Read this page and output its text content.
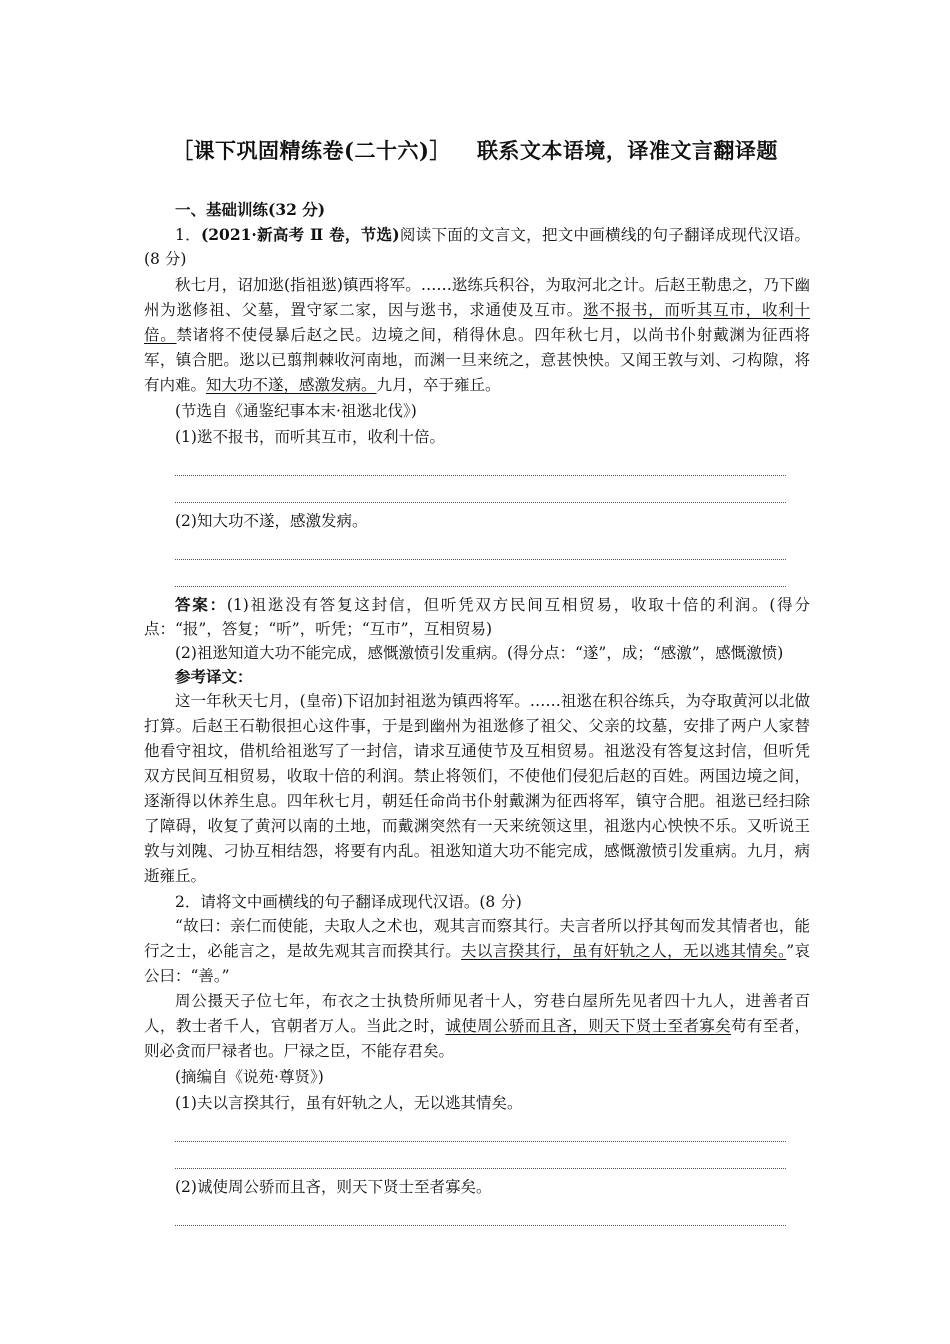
［课下巩固精练卷(二十六)］ 联系文本语境，译准文言翻译题

一、基础训练(32 分)

1．(2021·新高考 Ⅱ 卷，节选)阅读下面的文言文，把文中画横线的句子翻译成现代汉语。(8 分)

秋七月，诏加逖(指祖逖)镇西将军。……逖练兵积谷，为取河北之计。后赵王勒患之，乃下幽州为逖修祖、父墓，置守冢二家，因与逖书，求通使及互市。逖不报书，而听其互市，收利十倍。禁诸将不使侵暴后赵之民。边境之间，稍得休息。四年秋七月，以尚书仆射戴渊为征西将军，镇合肥。逖以已翦荆棘收河南地，而渊一旦来统之，意甚怏怏。又闻王敦与刘、刁构隙，将有内难。知大功不遂，感激发病。九月，卒于雍丘。

(节选自《通鉴纪事本末·祖逖北伐》)

(1)逖不报书，而听其互市，收利十倍。

(2)知大功不遂，感激发病。

答案：(1)祖逖没有答复这封信，但听凭双方民间互相贸易，收取十倍的利润。(得分点：“报”，答复；“听”，听凭；“互市”，互相贸易)

(2)祖逖知道大功不能完成，感慨激愤引发重病。(得分点：“遂”，成；“感激”，感慨激愤)

参考译文：

这一年秋天七月，(皇帝)下诏加封祖逖为镇西将军。……祖逖在积谷练兵，为夺取黄河以北做打算。后赵王石勒很担心这件事，于是到幽州为祖逖修了祖父、父亲的坟墓，安排了两户人家替他看守祖坟，借机给祖逖写了一封信，请求互通使节及互相贸易。祖逖没有答复这封信，但听凭双方民间互相贸易，收取十倍的利润。禁止将领们，不使他们侵犯后赵的百姓。两国边境之间，逐渐得以休养生息。四年秋七月，朝廷任命尚书仆射戴渊为征西将军，镇守合肥。祖逖已经扫除了障碍，收复了黄河以南的土地，而戴渊突然有一天来统领这里，祖逖内心怏怏不乐。又听说王敦与刘隗、刁协互相结怨，将要有内乱。祖逖知道大功不能完成，感慨激愤引发重病。九月，病逝雍丘。

2．请将文中画横线的句子翻译成现代汉语。(8 分)

“故曰：亲仁而使能，夫取人之术也，观其言而察其行。夫言者所以抒其匈而发其情者也，能行之士，必能言之，是故先观其言而揆其行。夫以言揆其行，虽有奸轨之人，无以逃其情矣。”哀公曰：“善。”

周公摄天子位七年，布衣之士执贽所师见者十人，穷巷白屋所先见者四十九人，进善者百人，教士者千人，官朝者万人。当此之时，诚使周公骄而且吝，则天下贤士至者寡矣苟有至者，则必贪而尸禄者也。尸禄之臣，不能存君矣。

(摘编自《说苑·尊贤》)

(1)夫以言揆其行，虽有奸轨之人，无以逃其情矣。

(2)诚使周公骄而且吝，则天下贤士至者寡矣。
